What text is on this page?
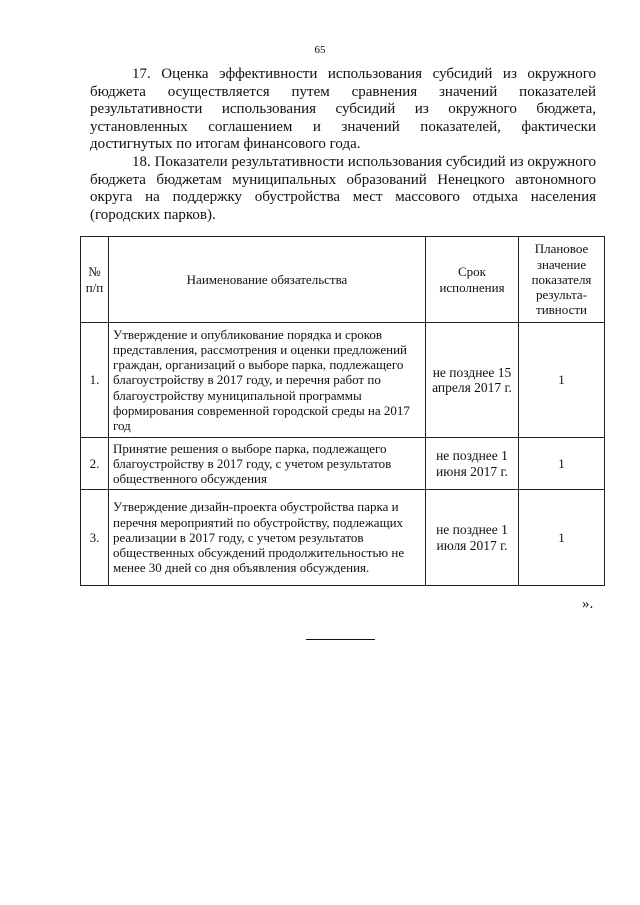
65

17. Оценка эффективности использования субсидий из окружного бюджета осуществляется путем сравнения значений показателей результативности использования субсидий из окружного бюджета, установленных соглашением и значений показателей, фактически достигнутых по итогам финансового года.

18. Показатели результативности использования субсидий из окружного бюджета бюджетам муниципальных образований Ненецкого автономного округа на поддержку обустройства мест массового отдыха населения (городских парков).

№ п/п	Наименование обязательства	Срок исполнения	Плановое значение показателя результа-тивности
1.	Утверждение и опубликование порядка и сроков представления, рассмотрения и оценки предложений граждан, организаций о выборе парка, подлежащего благоустройству в 2017 году, и перечня работ по благоустройству муниципальной программы формирования современной городской среды на 2017 год	не позднее 15 апреля 2017 г.	1
2.	Принятие решения о выборе парка, подлежащего благоустройству в 2017 году, с учетом результатов общественного обсуждения	не позднее 1 июня 2017 г.	1
3.	Утверждение дизайн-проекта обустройства парка и перечня мероприятий по обустройству, подлежащих реализации в 2017 году, с учетом результатов общественных обсуждений продолжительностью не менее 30 дней со дня объявления обсуждения.	не позднее 1 июля 2017 г.	1
».
